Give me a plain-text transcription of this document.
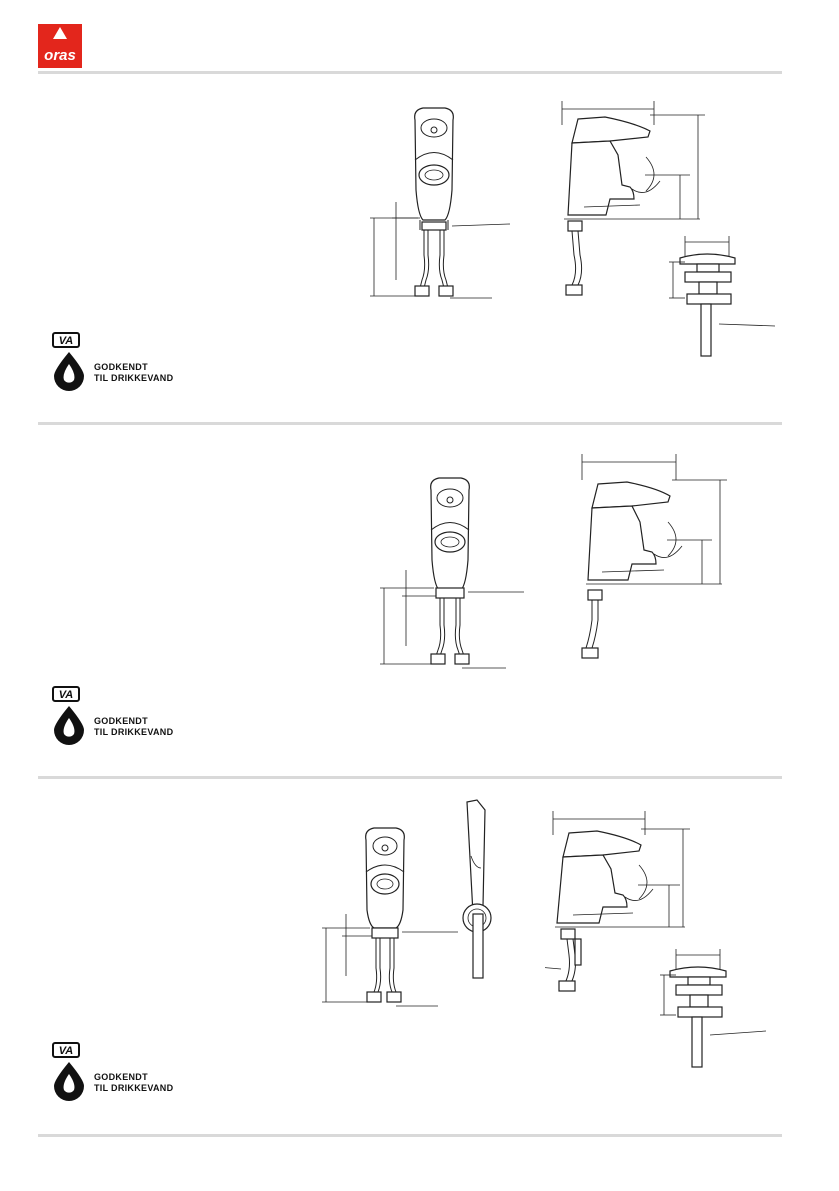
oras
VA
GODKENDT
TIL DRIKKEVAND
VA
GODKENDT
TIL DRIKKEVAND
VA
GODKENDT
TIL DRIKKEVAND
